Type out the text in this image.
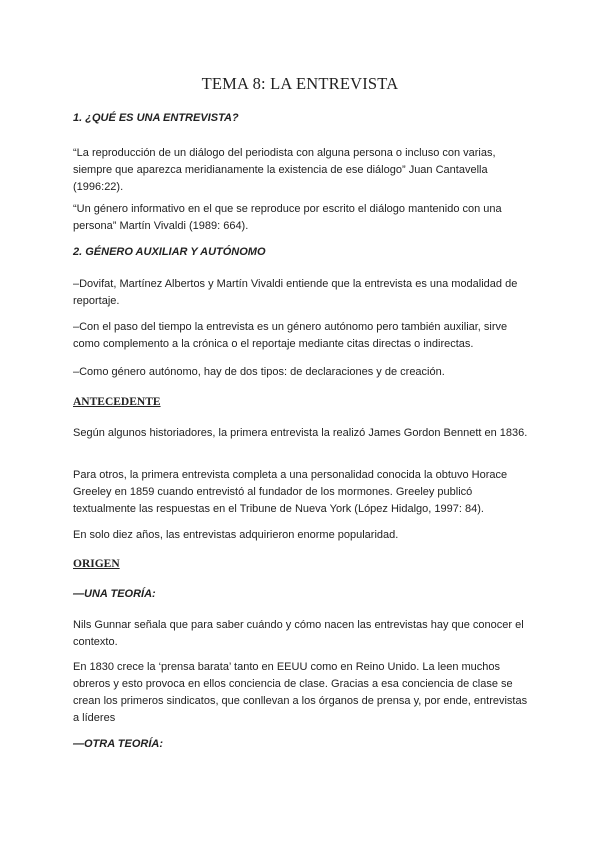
TEMA 8: LA ENTREVISTA
1. ¿QUÉ ES UNA ENTREVISTA?
“La reproducción de un diálogo del periodista con alguna persona o incluso con varias, siempre que aparezca meridianamente la existencia de ese diálogo” Juan Cantavella (1996:22).
“Un género informativo en el que se reproduce por escrito el diálogo mantenido con una persona” Martín Vivaldi (1989: 664).
2. GÉNERO AUXILIAR Y AUTÓNOMO
–Dovifat, Martínez Albertos y Martín Vivaldi entiende que la entrevista es una modalidad de reportaje.
–Con el paso del tiempo la entrevista es un género autónomo pero también auxiliar, sirve como complemento a la crónica o el reportaje mediante citas directas o indirectas.
–Como género autónomo, hay de dos tipos: de declaraciones y de creación.
ANTECEDENTE
Según algunos historiadores, la primera entrevista la realizó James Gordon Bennett en 1836.
Para otros, la primera entrevista completa a una personalidad conocida la obtuvo Horace Greeley en 1859 cuando entrevistó al fundador de los mormones. Greeley publicó textualmente las respuestas en el Tribune de Nueva York (López Hidalgo, 1997: 84).
En solo diez años, las entrevistas adquirieron enorme popularidad.
ORIGEN
—UNA TEORÍA:
Nils Gunnar señala que para saber cuándo y cómo nacen las entrevistas hay que conocer el contexto.
En 1830 crece la ‘prensa barata’ tanto en EEUU como en Reino Unido. La leen muchos obreros y esto provoca en ellos conciencia de clase. Gracias a esa conciencia de clase se crean los primeros sindicatos, que conllevan a los órganos de prensa y, por ende, entrevistas a líderes
—OTRA TEORÍA:
